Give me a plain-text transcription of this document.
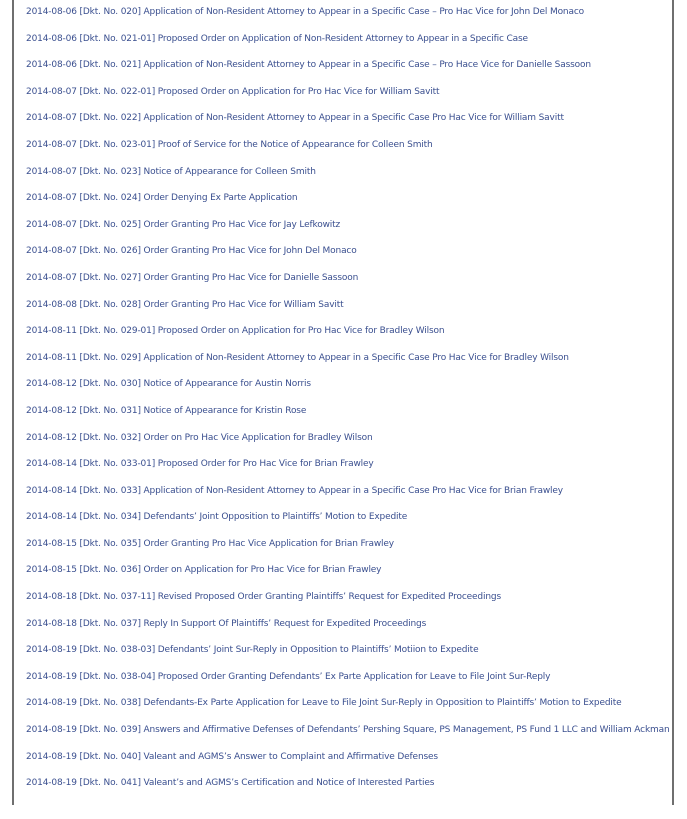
2014-08-06 [Dkt. No. 020] Application of Non-Resident Attorney to Appear in a Specific Case – Pro Hac Vice for John Del Monaco
2014-08-06 [Dkt. No. 021-01] Proposed Order on Application of Non-Resident Attorney to Appear in a Specific Case
2014-08-06 [Dkt. No. 021] Application of Non-Resident Attorney to Appear in a Specific Case – Pro Hace Vice for Danielle Sassoon
2014-08-07 [Dkt. No. 022-01] Proposed Order on Application for Pro Hac Vice for William Savitt
2014-08-07 [Dkt. No. 022] Application of Non-Resident Attorney to Appear in a Specific Case Pro Hac Vice for William Savitt
2014-08-07 [Dkt. No. 023-01] Proof of Service for the Notice of Appearance for Colleen Smith
2014-08-07 [Dkt. No. 023] Notice of Appearance for Colleen Smith
2014-08-07 [Dkt. No. 024] Order Denying Ex Parte Application
2014-08-07 [Dkt. No. 025] Order Granting Pro Hac Vice for Jay Lefkowitz
2014-08-07 [Dkt. No. 026] Order Granting Pro Hac Vice for John Del Monaco
2014-08-07 [Dkt. No. 027] Order Granting Pro Hac Vice for Danielle Sassoon
2014-08-08 [Dkt. No. 028] Order Granting Pro Hac Vice for William Savitt
2014-08-11 [Dkt. No. 029-01] Proposed Order on Application for Pro Hac Vice for Bradley Wilson
2014-08-11 [Dkt. No. 029] Application of Non-Resident Attorney to Appear in a Specific Case Pro Hac Vice for Bradley Wilson
2014-08-12 [Dkt. No. 030] Notice of Appearance for Austin Norris
2014-08-12 [Dkt. No. 031] Notice of Appearance for Kristin Rose
2014-08-12 [Dkt. No. 032] Order on Pro Hac Vice Application for Bradley Wilson
2014-08-14 [Dkt. No. 033-01] Proposed Order for Pro Hac Vice for Brian Frawley
2014-08-14 [Dkt. No. 033] Application of Non-Resident Attorney to Appear in a Specific Case Pro Hac Vice for Brian Frawley
2014-08-14 [Dkt. No. 034] Defendants’ Joint Opposition to Plaintiffs’ Motion to Expedite
2014-08-15 [Dkt. No. 035] Order Granting Pro Hac Vice Application for Brian Frawley
2014-08-15 [Dkt. No. 036] Order on Application for Pro Hac Vice for Brian Frawley
2014-08-18 [Dkt. No. 037-11] Revised Proposed Order Granting Plaintiffs’ Request for Expedited Proceedings
2014-08-18 [Dkt. No. 037] Reply In Support Of Plaintiffs’ Request for Expedited Proceedings
2014-08-19 [Dkt. No. 038-03] Defendants’ Joint Sur-Reply in Opposition to Plaintiffs’ Motiion to Expedite
2014-08-19 [Dkt. No. 038-04] Proposed Order Granting Defendants’ Ex Parte Application for Leave to File Joint Sur-Reply
2014-08-19 [Dkt. No. 038] Defendants-Ex Parte Application for Leave to File Joint Sur-Reply in Opposition to Plaintiffs’ Motion to Expedite
2014-08-19 [Dkt. No. 039] Answers and Affirmative Defenses of Defendants’ Pershing Square, PS Management, PS Fund 1 LLC and William Ackman
2014-08-19 [Dkt. No. 040] Valeant and AGMS’s Answer to Complaint and Affirmative Defenses
2014-08-19 [Dkt. No. 041] Valeant’s and AGMS’s Certification and Notice of Interested Parties
